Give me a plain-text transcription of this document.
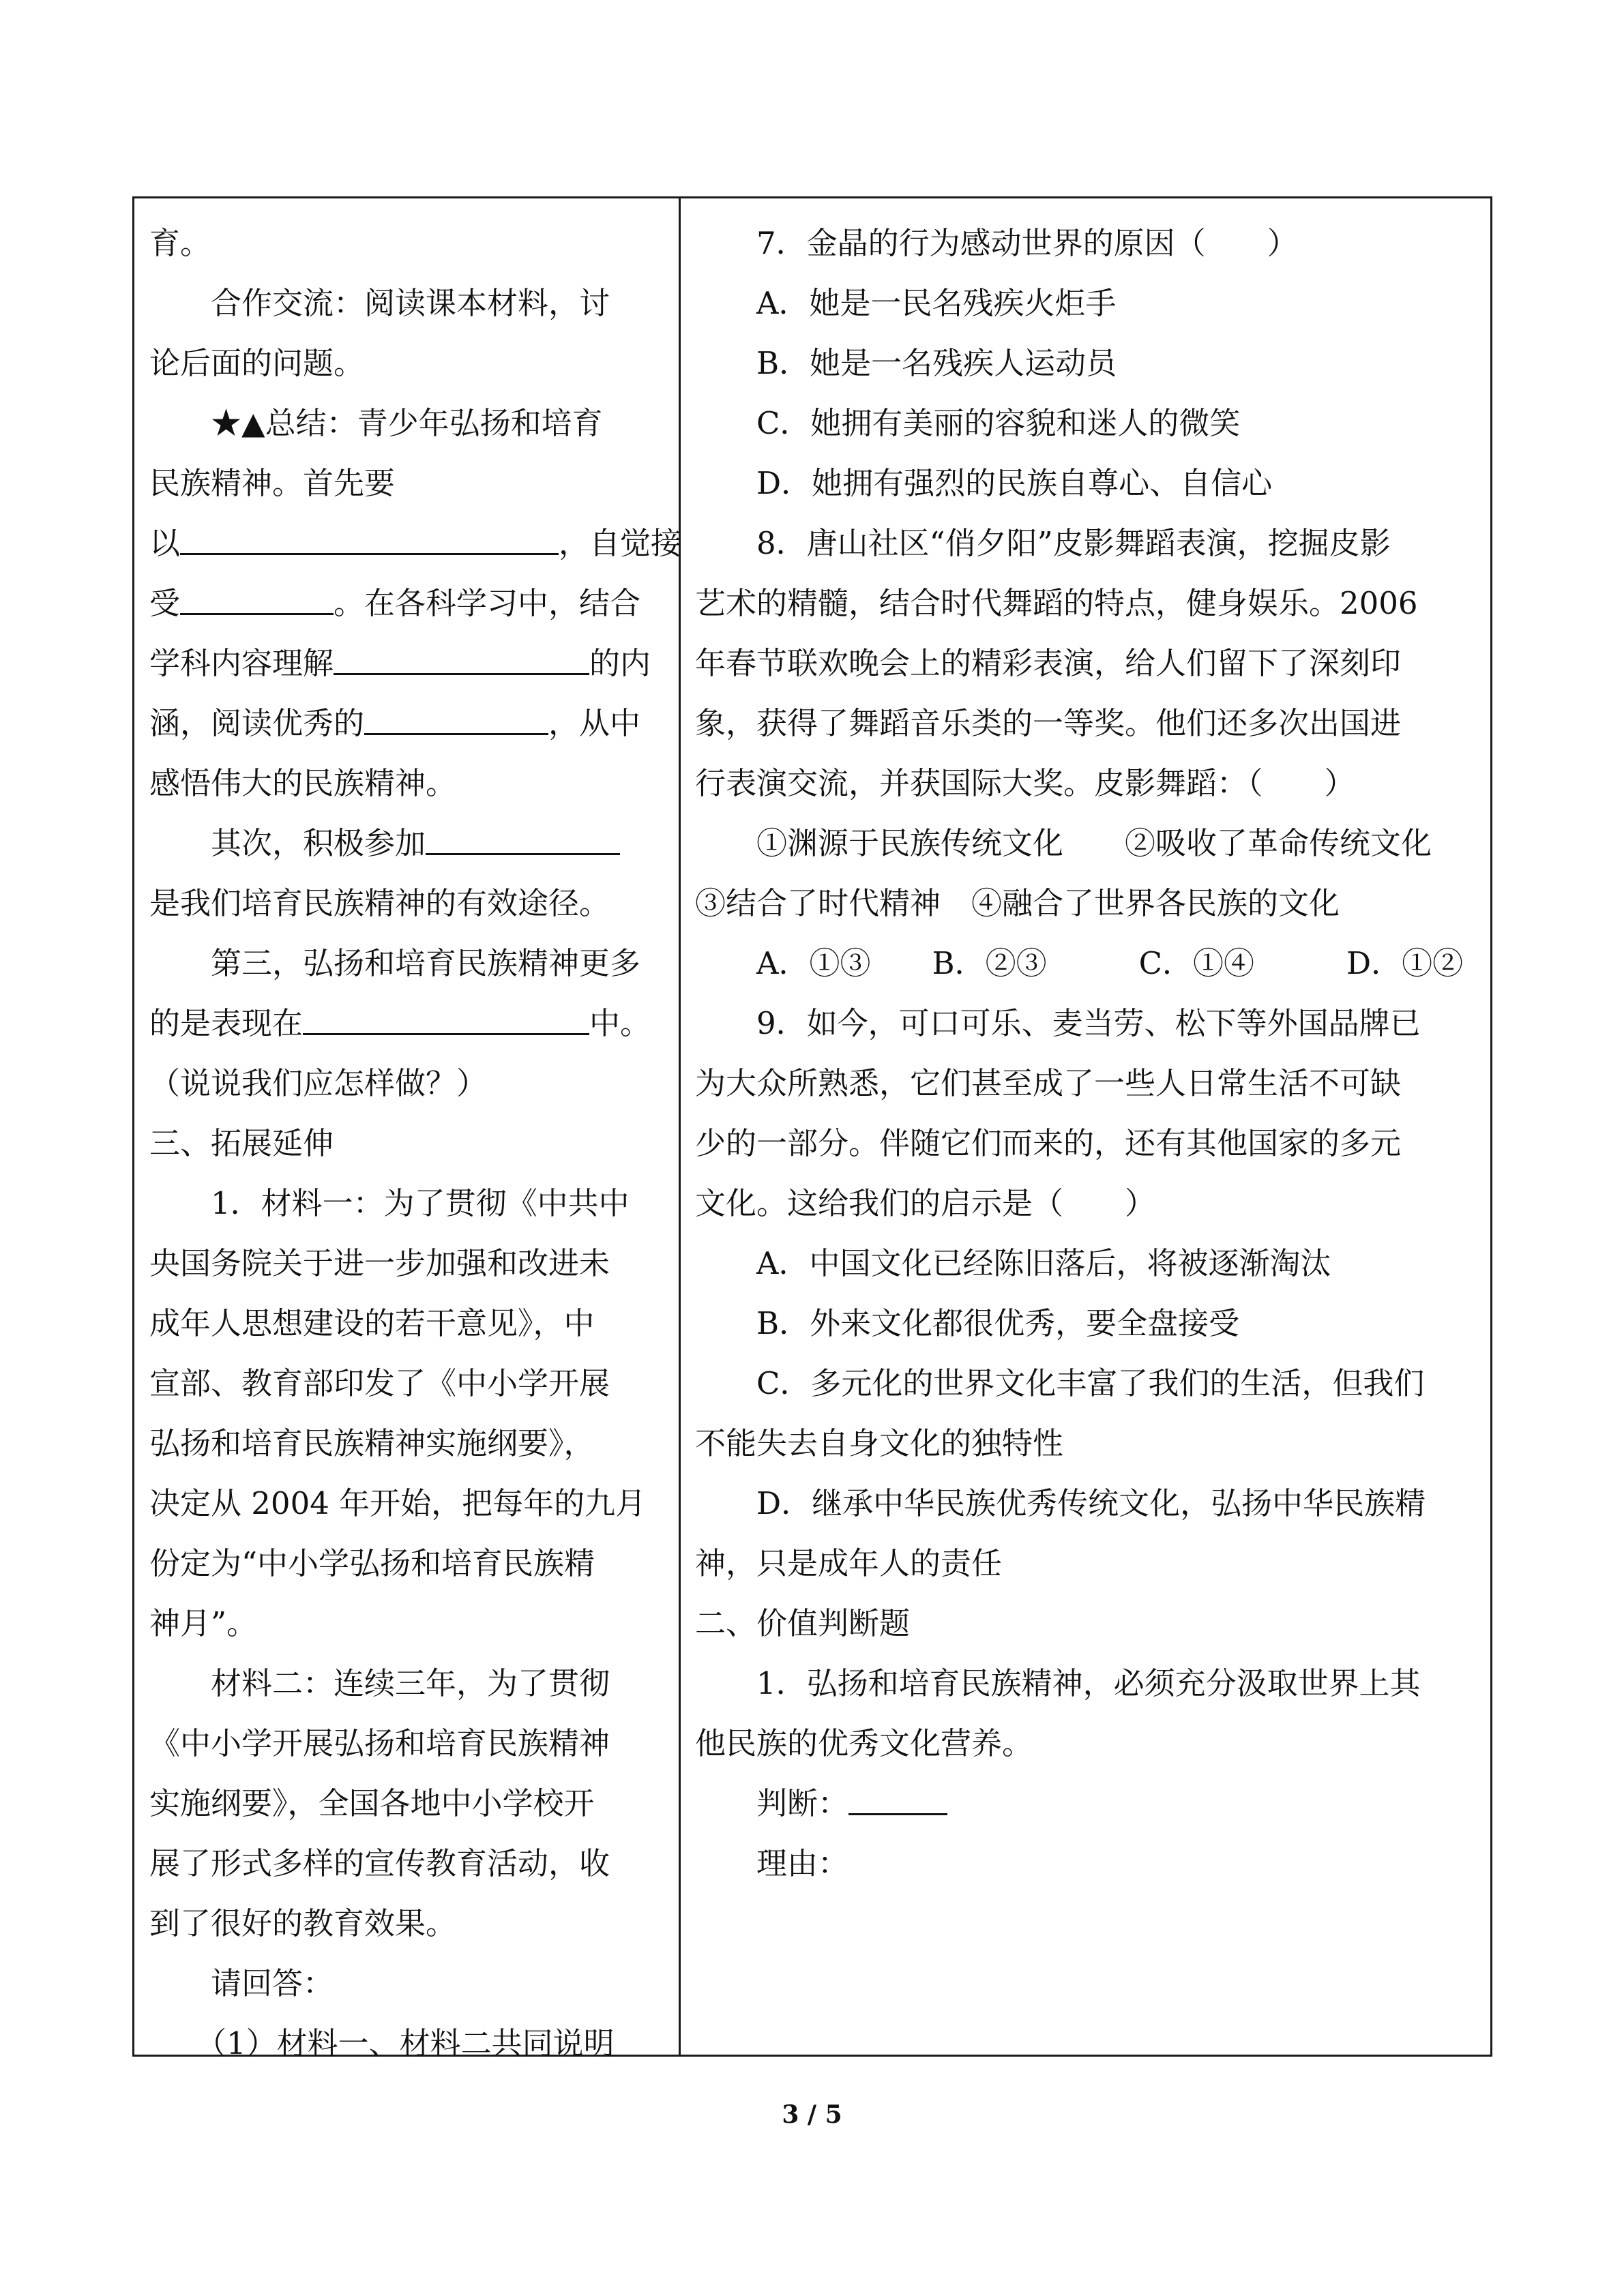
育。
合作交流：阅读课本材料，讨
论后面的问题。
★▲总结：青少年弘扬和培育
民族精神。首先要
以	，自觉接
受	。在各科学习中，结合
学科内容理解	的内
涵，阅读优秀的	，从中
感悟伟大的民族精神。
其次，积极参加
是我们培育民族精神的有效途径。
第三，弘扬和培育民族精神更多
的是表现在	中。
（说说我们应怎样做？）
三、拓展延伸
1．材料一：为了贯彻《中共中
央国务院关于进一步加强和改进未
成年人思想建设的若干意见》，中
宣部、教育部印发了《中小学开展
弘扬和培育民族精神实施纲要》，
决定从 2004 年开始，把每年的九月
份定为“中小学弘扬和培育民族精
神月”。
材料二：连续三年，为了贯彻
《中小学开展弘扬和培育民族精神
实施纲要》，全国各地中小学校开
展了形式多样的宣传教育活动，收
到了很好的教育效果。
请回答：
（1）材料一、材料二共同说明
7．金晶的行为感动世界的原因（　　）
A．她是一民名残疾火炬手
B．她是一名残疾人运动员
C．她拥有美丽的容貌和迷人的微笑
D．她拥有强烈的民族自尊心、自信心
8．唐山社区“俏夕阳”皮影舞蹈表演，挖掘皮影
艺术的精髓，结合时代舞蹈的特点，健身娱乐。2006
年春节联欢晚会上的精彩表演，给人们留下了深刻印
象，获得了舞蹈音乐类的一等奖。他们还多次出国进
行表演交流，并获国际大奖。皮影舞蹈：（　　）
①渊源于民族传统文化　　②吸收了革命传统文化
③结合了时代精神　④融合了世界各民族的文化
A．①③　　B．②③　　　C．①④　　　D．①②
9．如今，可口可乐、麦当劳、松下等外国品牌已
为大众所熟悉，它们甚至成了一些人日常生活不可缺
少的一部分。伴随它们而来的，还有其他国家的多元
文化。这给我们的启示是（　　）
A．中国文化已经陈旧落后，将被逐渐淘汰
B．外来文化都很优秀，要全盘接受
C．多元化的世界文化丰富了我们的生活，但我们
不能失去自身文化的独特性
D．继承中华民族优秀传统文化，弘扬中华民族精
神，只是成年人的责任
二、价值判断题
1．弘扬和培育民族精神，必须充分汲取世界上其
他民族的优秀文化营养。
判断：
理由：
3 / 5
